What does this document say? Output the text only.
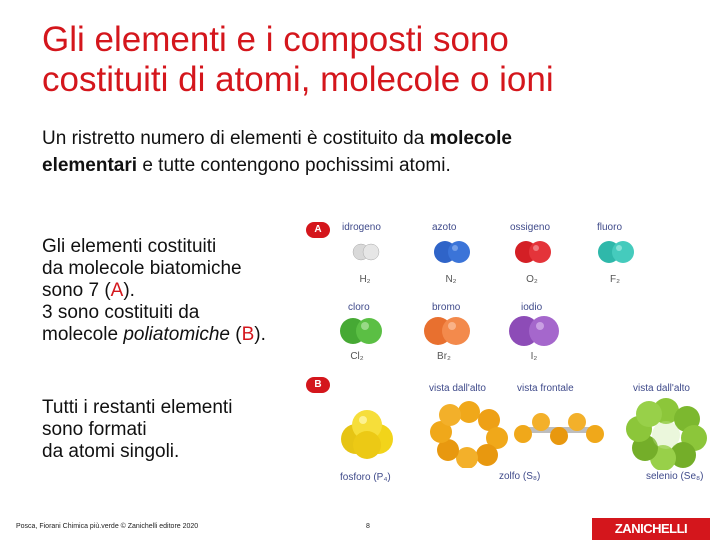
Gli elementi e i composti sono
costituiti di atomi, molecole o ioni
Un ristretto numero di elementi è costituito da molecole
elementari e tutte contengono pochissimi atomi.
Gli elementi costituiti
da molecole biatomiche
sono 7 (A).
3 sono costituiti da
molecole poliatomiche (B).
Tutti i restanti elementi
sono formati
da atomi singoli.
A	idrogeno	azoto	ossigeno	fluoro
H₂	N₂	O₂	F₂
cloro	bromo	iodio
Cl₂	Br₂	I₂
B	vista dall'alto	vista frontale	vista dall'alto
fosforo (P₄)	zolfo (S₈)	selenio (Se₈)
Posca, Fiorani Chimica più.verde © Zanichelli editore 2020	8	ZANICHELLI
